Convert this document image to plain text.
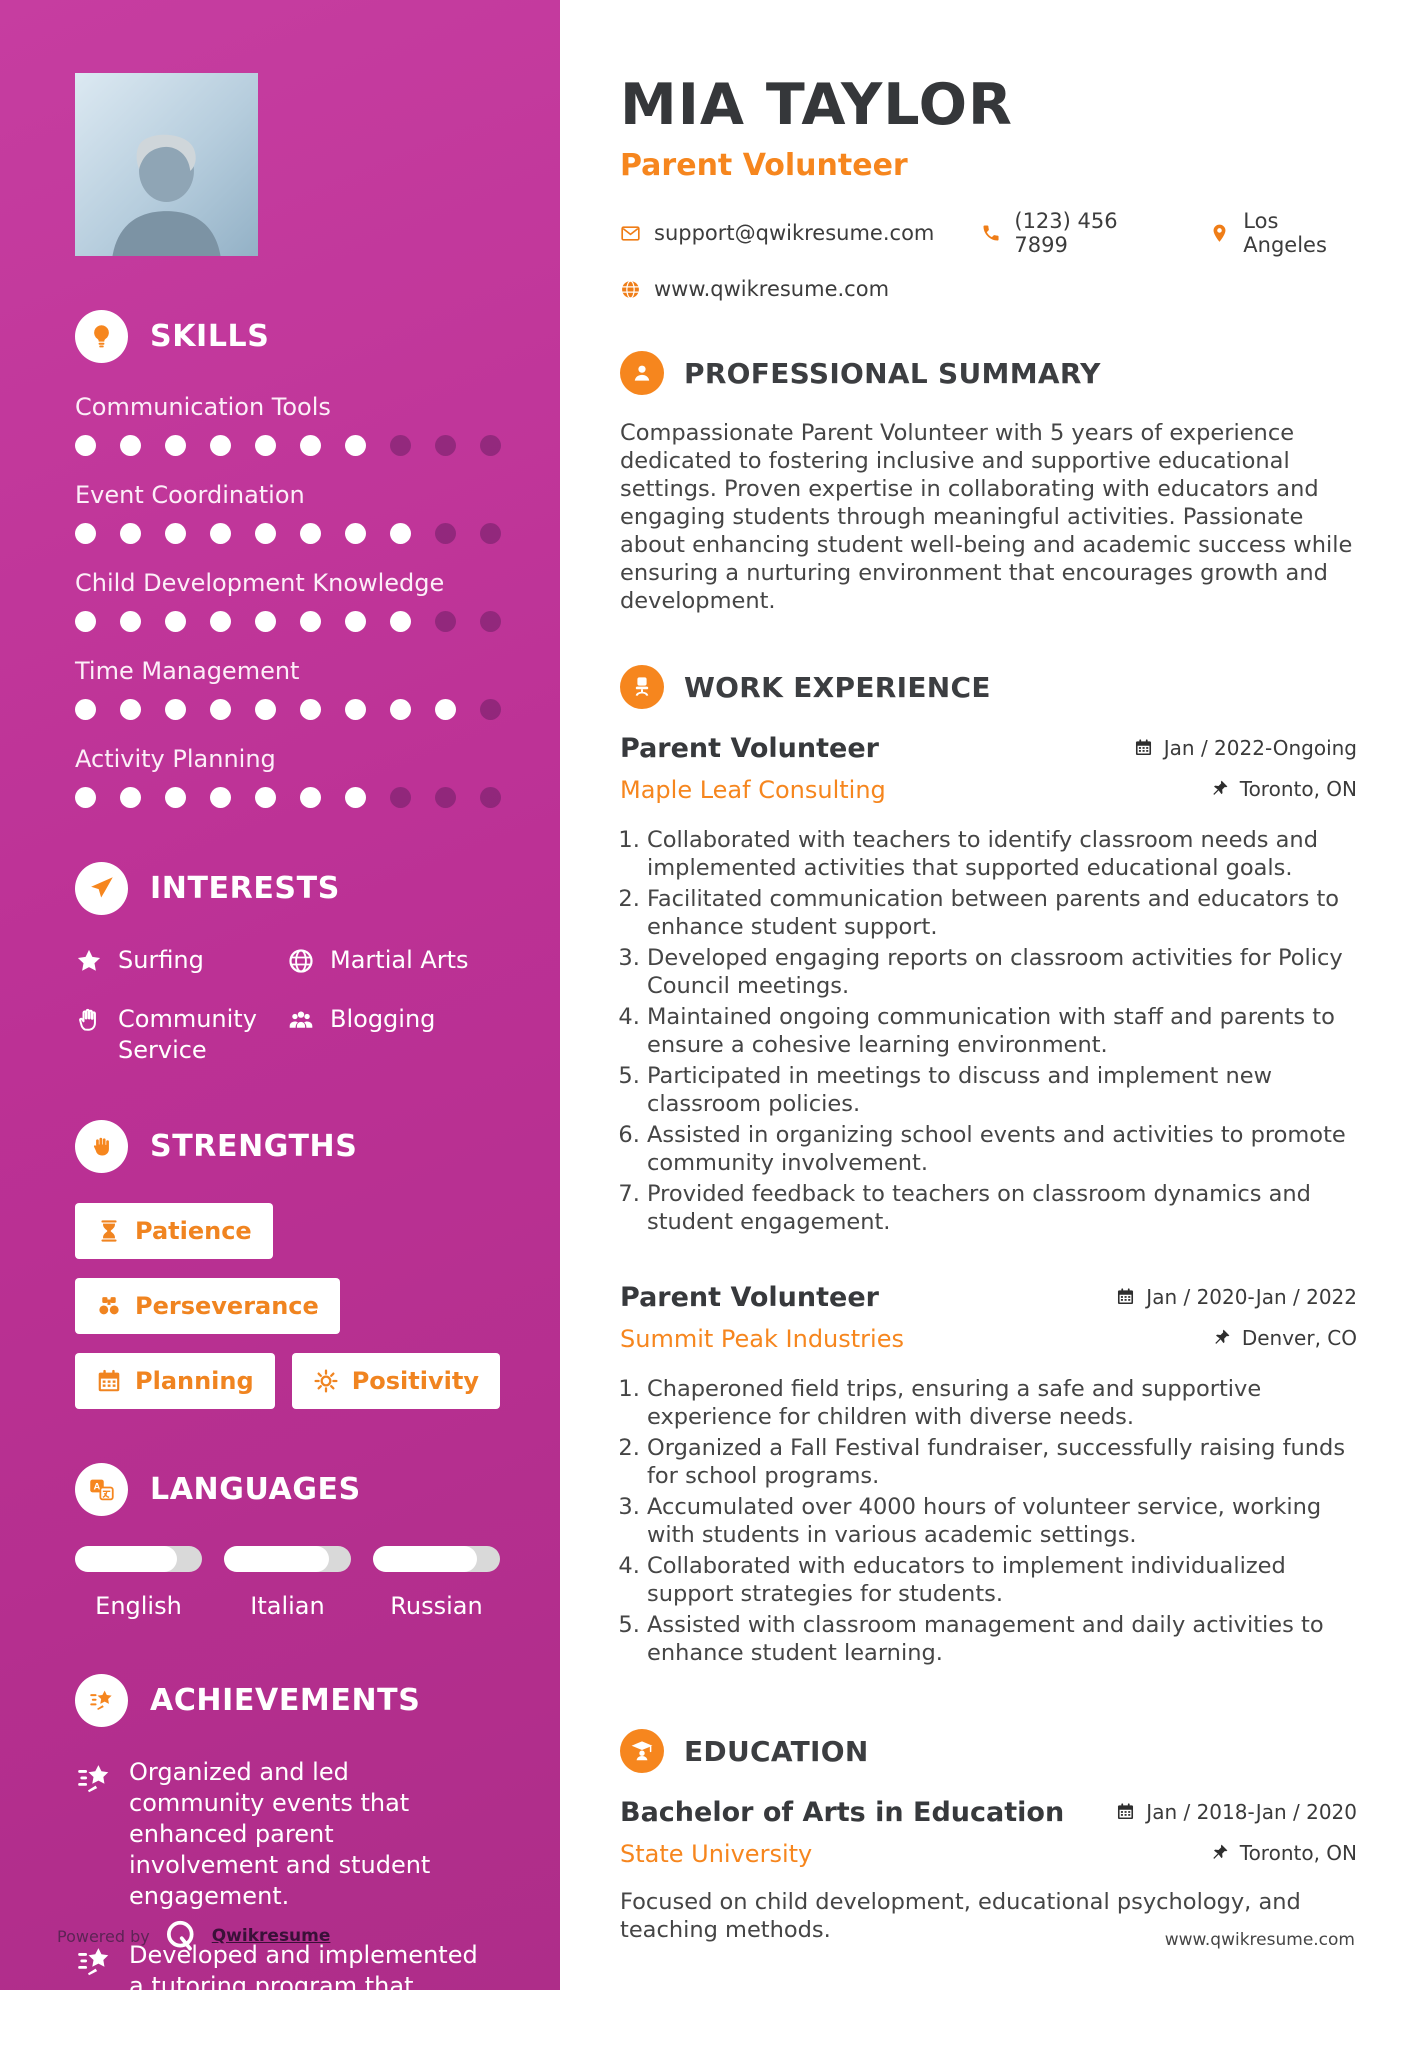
SKILLS
Communication Tools
Event Coordination
Child Development Knowledge
Time Management
Activity Planning
INTERESTS
Surfing	Martial Arts
Community Service
Blogging
STRENGTHS
Patience
Perseverance
Planning	Positivity
A LANGUAGES
English	Italian	Russian
ACHIEVEMENTS

Organized and led community events that enhanced parent involvement and student engagement.

Developed and implemented a tutoring program that improved literacy rates among struggling students.

MIA TAYLOR
Parent Volunteer
support@qwikresume.com	(123) 456 7899
Los Angeles
www.qwikresume.com
PROFESSIONAL SUMMARY

Compassionate Parent Volunteer with 5 years of experience dedicated to fostering inclusive and supportive educational settings. Proven expertise in collaborating with educators and engaging students through meaningful activities. Passionate about enhancing student well-being and academic success while ensuring a nurturing environment that encourages growth and development.

WORK EXPERIENCE
Parent Volunteer	Jan / 2022-Ongoing
Maple Leaf Consulting	Toronto, ON
1. Collaborated with teachers to identify classroom needs and implemented activities that supported educational goals.
2. Facilitated communication between parents and educators to enhance student support.
3. Developed engaging reports on classroom activities for Policy Council meetings.
4. Maintained ongoing communication with staff and parents to ensure a cohesive learning environment.
5. Participated in meetings to discuss and implement new classroom policies.
6. Assisted in organizing school events and activities to promote community involvement.
7. Provided feedback to teachers on classroom dynamics and student engagement.
Parent Volunteer	Jan / 2020-Jan / 2022
Summit Peak Industries	Denver, CO
1. Chaperoned field trips, ensuring a safe and supportive experience for children with diverse needs.
2. Organized a Fall Festival fundraiser, successfully raising funds for school programs.
3. Accumulated over 4000 hours of volunteer service, working with students in various academic settings.
4. Collaborated with educators to implement individualized support strategies for students.
5. Assisted with classroom management and daily activities to enhance student learning.
EDUCATION
Bachelor of Arts in Education	Jan / 2018-Jan / 2020
State University	Toronto, ON

Focused on child development, educational psychology, and teaching methods.

Powered by	Qwikresume	www.qwikresume.com
